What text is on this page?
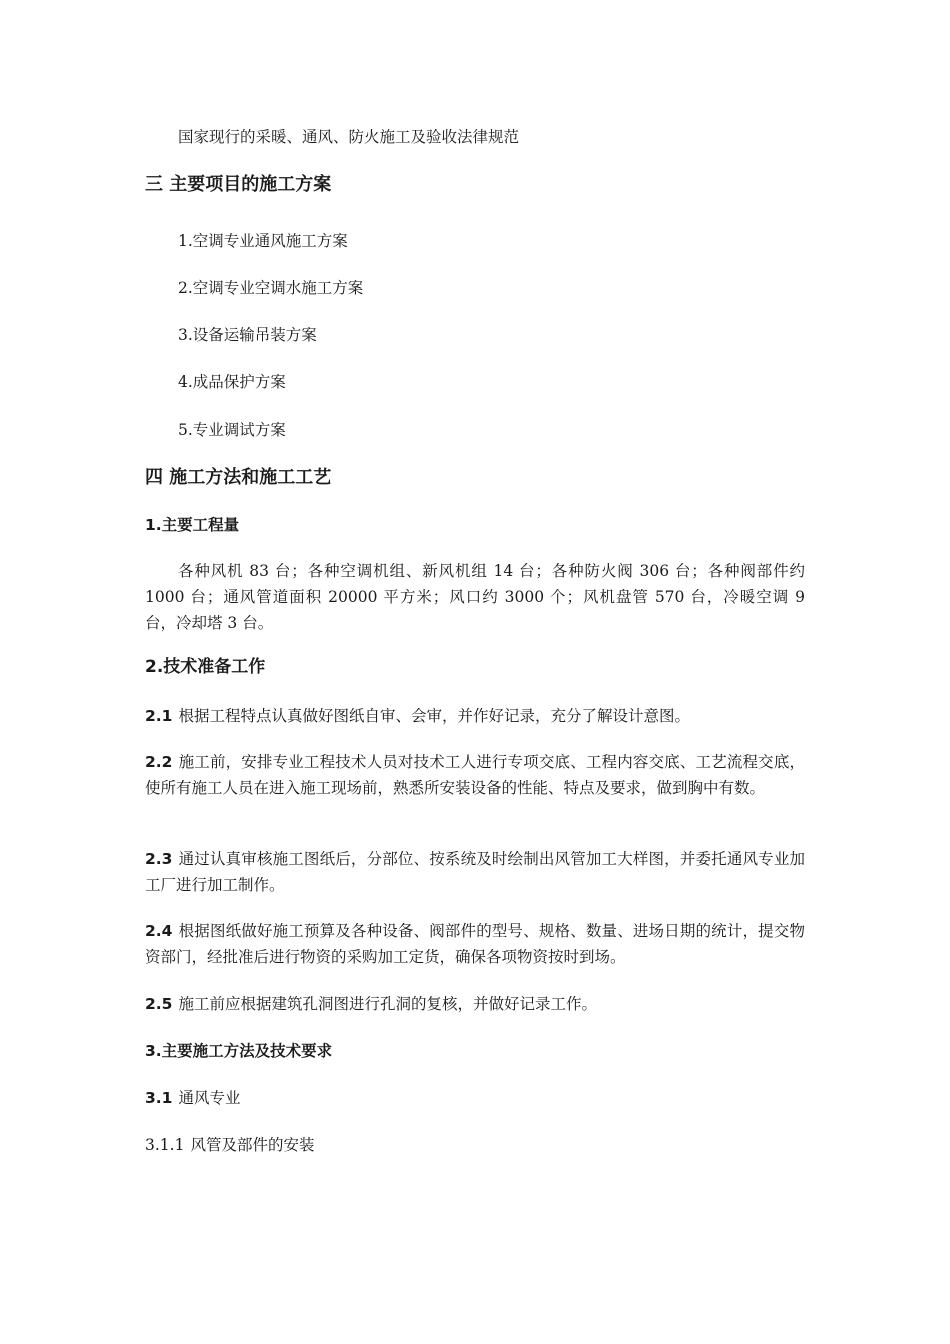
国家现行的采暖、通风、防火施工及验收法律规范
三 主要项目的施工方案
1.空调专业通风施工方案
2.空调专业空调水施工方案
3.设备运输吊装方案
4.成品保护方案
5.专业调试方案
四 施工方法和施工工艺
1.主要工程量
各种风机 83 台；各种空调机组、新风机组 14 台；各种防火阀 306 台；各种阀部件约 1000 台；通风管道面积 20000 平方米；风口约 3000 个；风机盘管 570 台，冷暖空调 9 台，冷却塔 3 台。
2.技术准备工作
2.1 根据工程特点认真做好图纸自审、会审，并作好记录，充分了解设计意图。
2.2 施工前，安排专业工程技术人员对技术工人进行专项交底、工程内容交底、工艺流程交底，使所有施工人员在进入施工现场前，熟悉所安装设备的性能、特点及要求，做到胸中有数。
2.3 通过认真审核施工图纸后，分部位、按系统及时绘制出风管加工大样图，并委托通风专业加工厂进行加工制作。
2.4 根据图纸做好施工预算及各种设备、阀部件的型号、规格、数量、进场日期的统计，提交物资部门，经批准后进行物资的采购加工定货，确保各项物资按时到场。
2.5 施工前应根据建筑孔洞图进行孔洞的复核，并做好记录工作。
3.主要施工方法及技术要求
3.1 通风专业
3.1.1 风管及部件的安装
